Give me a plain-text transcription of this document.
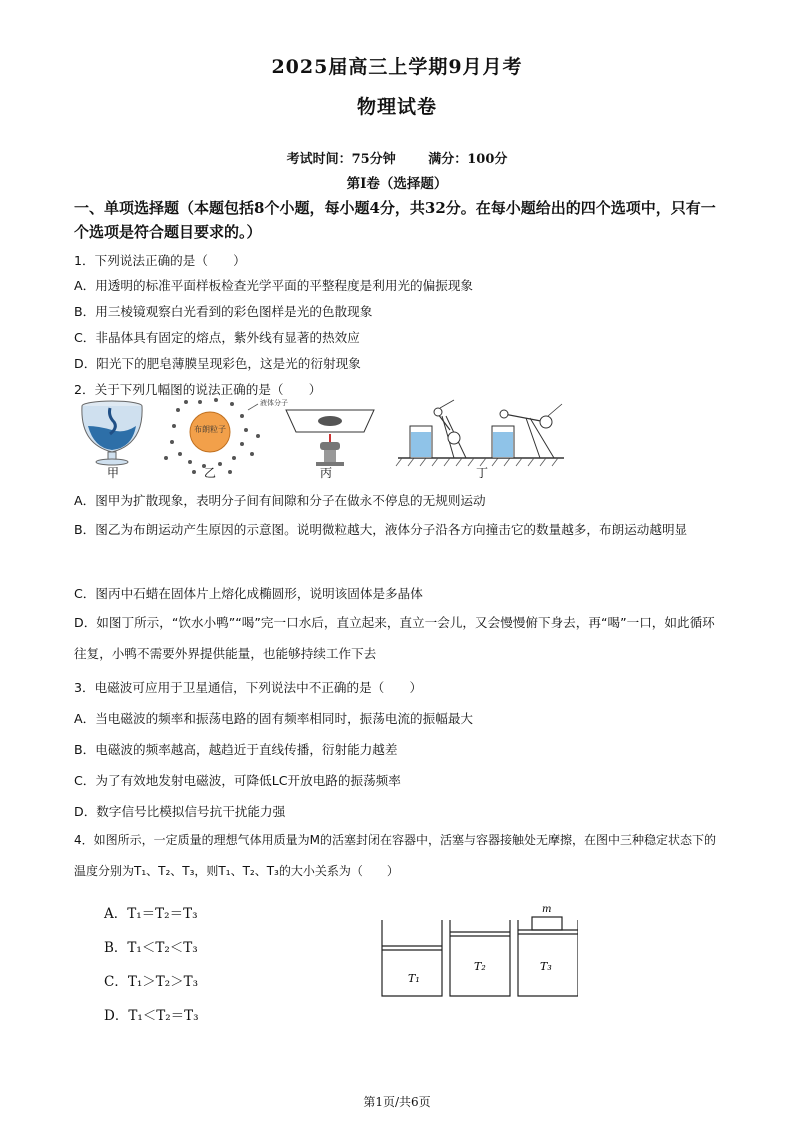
2025届高三上学期9月月考
物理试卷
考试时间：75分钟	满分：100分
第Ⅰ卷（选择题）
一、单项选择题（本题包括8个小题，每小题4分，共32分。在每小题给出的四个选项中，只有一个选项是符合题目要求的。）
1．下列说法正确的是（　　）
A．用透明的标准平面样板检查光学平面的平整程度是利用光的偏振现象
B．用三棱镜观察白光看到的彩色图样是光的色散现象
C．非晶体具有固定的熔点，紫外线有显著的热效应
D．阳光下的肥皂薄膜呈现彩色，这是光的衍射现象
2．关于下列几幅图的说法正确的是（　　）
液体分子
布朗粒子
甲	乙	丙	丁
A．图甲为扩散现象，表明分子间有间隙和分子在做永不停息的无规则运动
B．图乙为布朗运动产生原因的示意图。说明微粒越大，液体分子沿各方向撞击它的数量越多，布朗运动越明显
C．图丙中石蜡在固体片上熔化成椭圆形，说明该固体是多晶体
D．如图丁所示，“饮水小鸭”“喝”完一口水后，直立起来，直立一会儿，又会慢慢俯下身去，再“喝”一口，如此循环往复，小鸭不需要外界提供能量，也能够持续工作下去
3．电磁波可应用于卫星通信，下列说法中不正确的是（　　）
A．当电磁波的频率和振荡电路的固有频率相同时，振荡电流的振幅最大
B．电磁波的频率越高，越趋近于直线传播，衍射能力越差
C．为了有效地发射电磁波，可降低LC开放电路的振荡频率
D．数字信号比模拟信号抗干扰能力强
4．如图所示，一定质量的理想气体用质量为M的活塞封闭在容器中，活塞与容器接触处无摩擦，在图中三种稳定状态下的温度分别为T₁、T₂、T₃，则T₁、T₂、T₃的大小关系为（　　）
A．T₁＝T₂＝T₃
B．T₁＜T₂＜T₃
C．T₁＞T₂＞T₃
D．T₁＜T₂＝T₃
T₁
T₂	T₃
m
第1页/共6页
